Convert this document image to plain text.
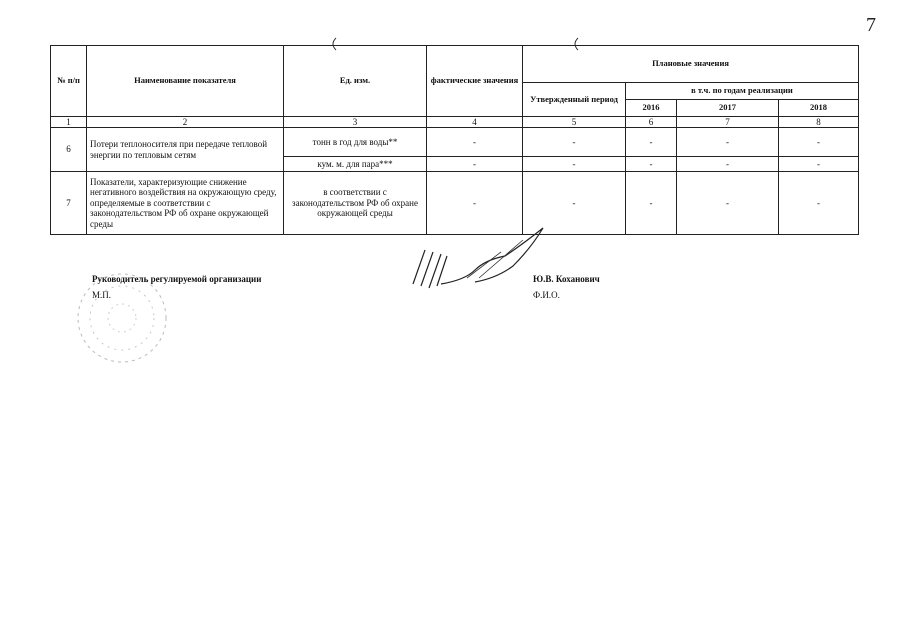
7
№ п/п	Наименование показателя	Ед. изм.	фактические значения	Плановые значения			
				Утвержденный период	в т.ч. по годам реализации		
					2016	2017	2018
1	2	3	4	5	6	7	8
6	Потери теплоносителя при передаче тепловой энергии по тепловым сетям	тонн в год для воды**	-	-	-	-	-
		кум. м. для пара***	-	-	-	-	-
7	Показатели, характеризующие снижение негативного воздействия на окружающую среду, определяемые в соответствии с законодательством РФ об охране окружающей среды	в соответствии с законодательством РФ об охране окружающей среды	-	-	-	-	-
Руководитель регулируемой организации
М.П.
Ю.В. Коханович
Ф.И.О.
